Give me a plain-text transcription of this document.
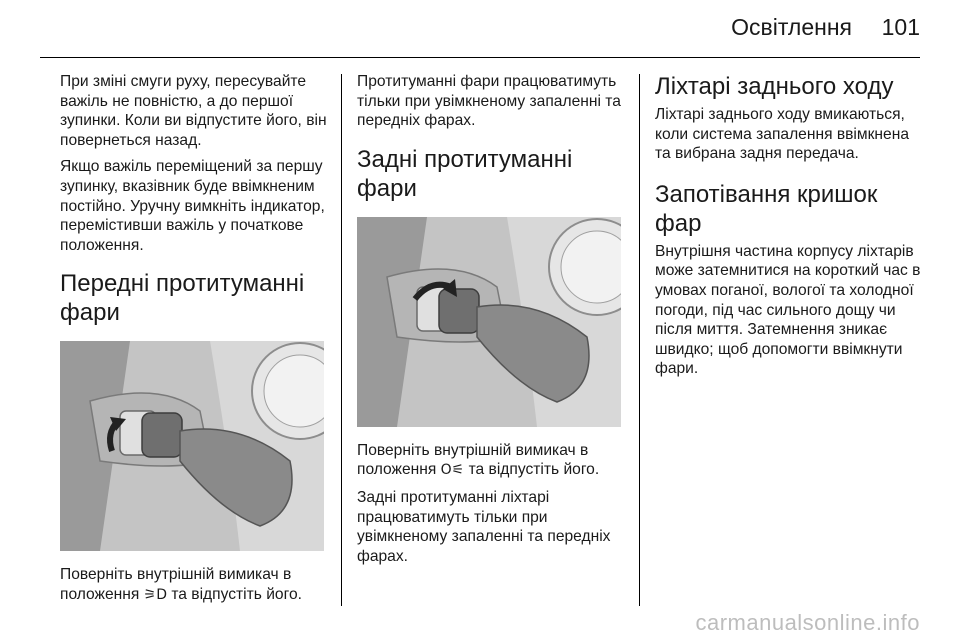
Освітлення 101

При зміні смуги руху, пересувайте важіль не повністю, а до першої зупинки. Коли ви відпустите його, він повернеться назад.

Якщо важіль переміщений за першу зупинку, вказівник буде ввімкненим постійно. Уручну вимкніть індикатор, перемістивши важіль у початкове положення.

Передні протитуманні фари

Поверніть внутрішній вимикач в положення ⚞D та відпустіть його.

Протитуманні фари працюватимуть тільки при увімкненому запаленні та передніх фарах.

Задні протитуманні фари

Поверніть внутрішній вимикач в положення O⚟ та відпустіть його.

Задні протитуманні ліхтарі працюватимуть тільки при увімкненому запаленні та передніх фарах.

Ліхтарі заднього ходу

Ліхтарі заднього ходу вмикаються, коли система запалення ввімкнена та вибрана задня передача.

Запотівання кришок фар

Внутрішня частина корпусу ліхтарів може затемнитися на короткий час в умовах поганої, вологої та холодної погоди, під час сильного дощу чи після миття. Затемнення зникає швидко; щоб допомогти ввімкнути фари.

carmanualsonline.info
